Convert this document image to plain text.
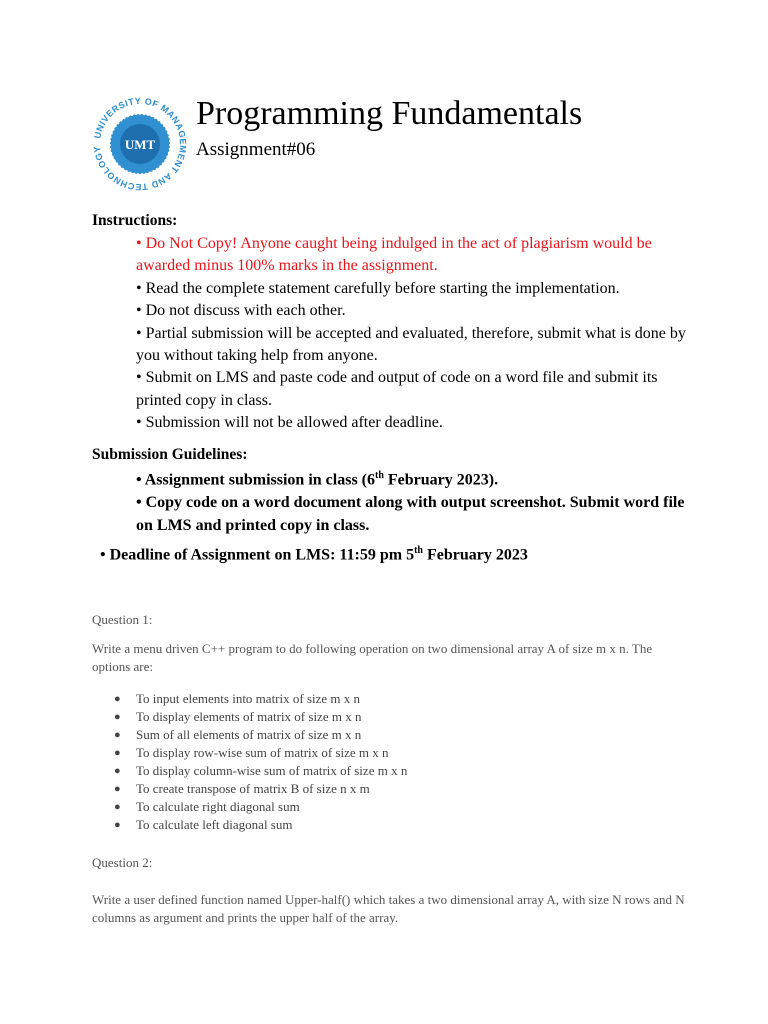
UNIVERSITY OF MANAGEMENT AND TECHNOLOGY	UMT
Programming Fundamentals
Assignment#06
Instructions:
• Do Not Copy! Anyone caught being indulged in the act of plagiarism would be awarded minus 100% marks in the assignment.
• Read the complete statement carefully before starting the implementation.
• Do not discuss with each other.
• Partial submission will be accepted and evaluated, therefore, submit what is done by you without taking help from anyone.
• Submit on LMS and paste code and output of code on a word file and submit its printed copy in class.
• Submission will not be allowed after deadline.
Submission Guidelines:
• Assignment submission in class (6th February 2023).
• Copy code on a word document along with output screenshot. Submit word file on LMS and printed copy in class.
• Deadline of Assignment on LMS: 11:59 pm 5th February 2023
Question 1:

Write a menu driven C++ program to do following operation on two dimensional array A of size m x n. The options are:

● To input elements into matrix of size m x n
● To display elements of matrix of size m x n
● Sum of all elements of matrix of size m x n
● To display row-wise sum of matrix of size m x n
● To display column-wise sum of matrix of size m x n
● To create transpose of matrix B of size n x m
● To calculate right diagonal sum
● To calculate left diagonal sum
Question 2:

Write a user defined function named Upper-half() which takes a two dimensional array A, with size N rows and N columns as argument and prints the upper half of the array.
